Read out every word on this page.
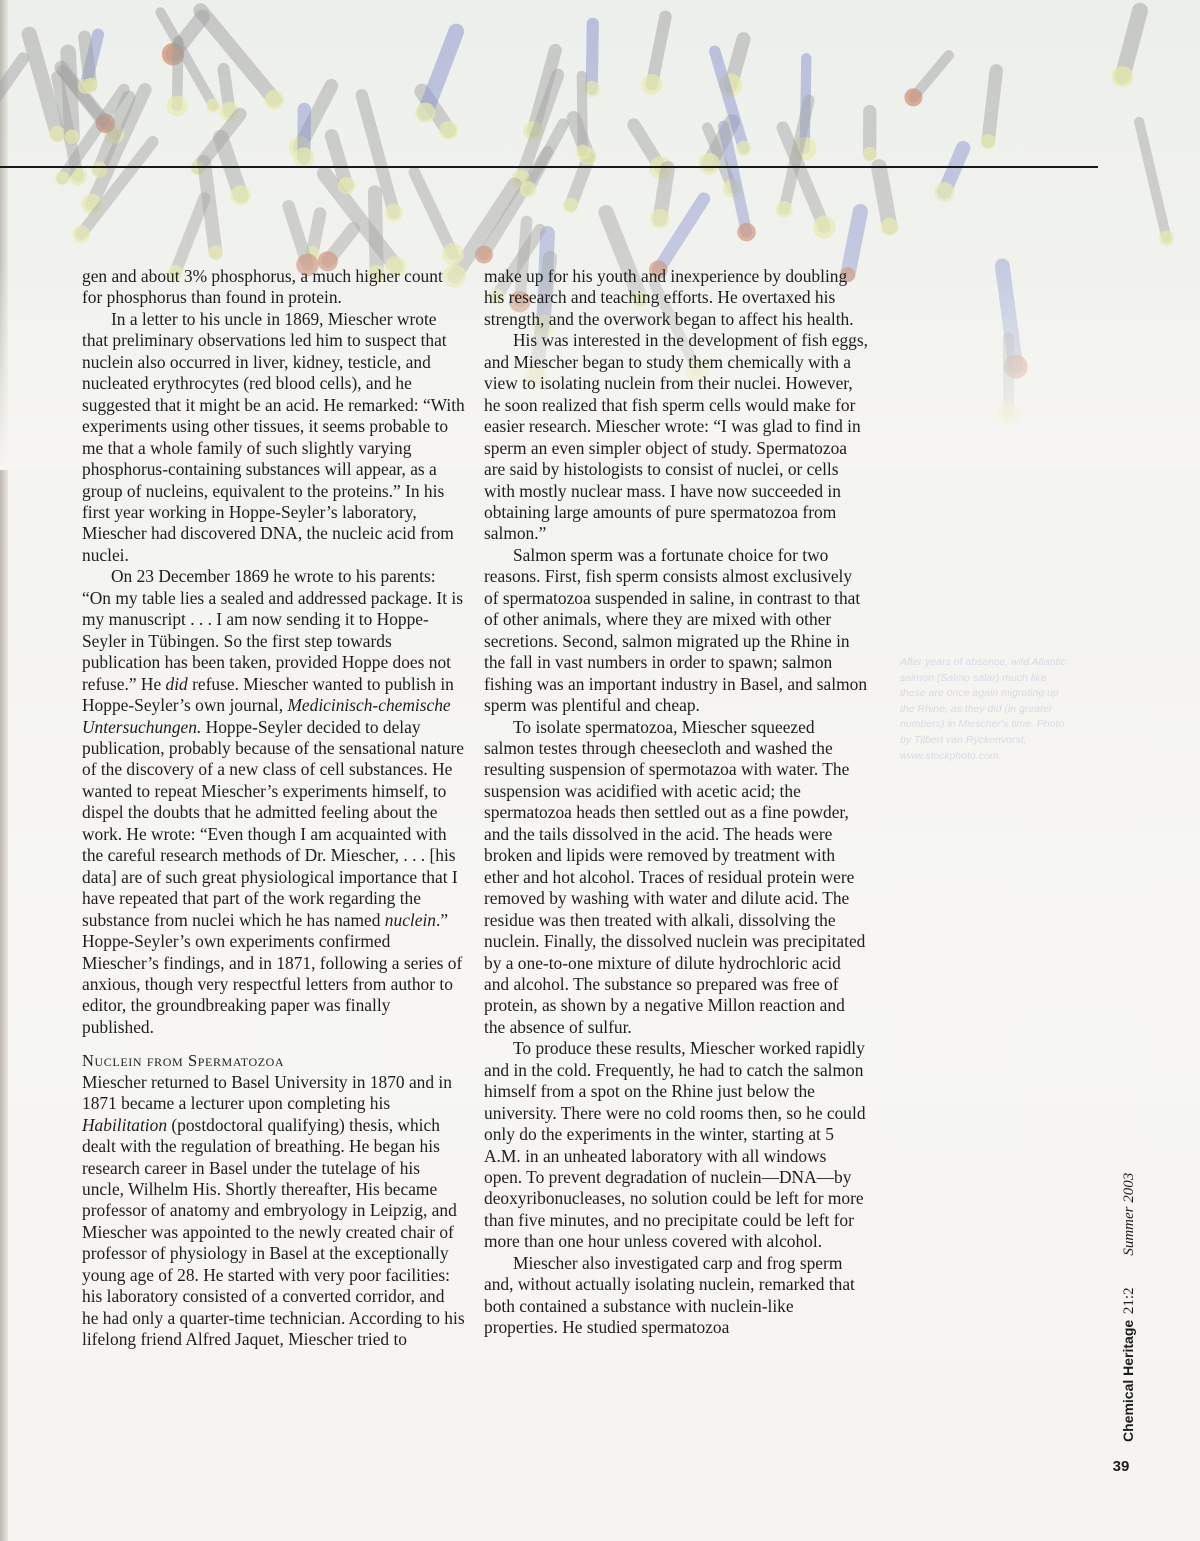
After years of absence, wild Atlantic salmon (Salmo salar) much like these are once again migrating up the Rhine, as they did (in greater numbers) in Miescher's time. Photo by Tilbert van Ryckenvorst, www.stockphoto.com.

gen and about 3% phosphorus, a much higher count for phosphorus than found in protein.

In a letter to his uncle in 1869, Miescher wrote that preliminary observations led him to suspect that nuclein also occurred in liver, kidney, testicle, and nucleated erythrocytes (red blood cells), and he suggested that it might be an acid. He remarked: “With experiments using other tissues, it seems probable to me that a whole family of such slightly varying phosphorus-containing substances will appear, as a group of nucleins, equivalent to the proteins.” In his first year working in Hoppe-Seyler’s laboratory, Miescher had discovered DNA, the nucleic acid from nuclei.

On 23 December 1869 he wrote to his parents: “On my table lies a sealed and addressed package. It is my manuscript . . . I am now sending it to Hoppe-Seyler in Tübingen. So the first step towards publication has been taken, provided Hoppe does not refuse.” He did refuse. Miescher wanted to publish in Hoppe-Seyler’s own journal, Medicinisch-chemische Untersuchungen. Hoppe-Seyler decided to delay publication, probably because of the sensational nature of the discovery of a new class of cell substances. He wanted to repeat Miescher’s experiments himself, to dispel the doubts that he admitted feeling about the work. He wrote: “Even though I am acquainted with the careful research methods of Dr. Miescher, . . . [his data] are of such great physiological importance that I have repeated that part of the work regarding the substance from nuclei which he has named nuclein.” Hoppe-Seyler’s own experiments confirmed Miescher’s findings, and in 1871, following a series of anxious, though very respectful letters from author to editor, the groundbreaking paper was finally published.

Nuclein from Spermatozoa

Miescher returned to Basel University in 1870 and in 1871 became a lecturer upon completing his Habilitation (postdoctoral qualifying) thesis, which dealt with the regulation of breathing. He began his research career in Basel under the tutelage of his uncle, Wilhelm His. Shortly thereafter, His became professor of anatomy and embryology in Leipzig, and Miescher was appointed to the newly created chair of professor of physiology in Basel at the exceptionally young age of 28. He started with very poor facilities: his laboratory consisted of a converted corridor, and he had only a quarter-time technician. According to his lifelong friend Alfred Jaquet, Miescher tried to

make up for his youth and inexperience by doubling his research and teaching efforts. He overtaxed his strength, and the overwork began to affect his health.

His was interested in the development of fish eggs, and Miescher began to study them chemically with a view to isolating nuclein from their nuclei. However, he soon realized that fish sperm cells would make for easier research. Miescher wrote: “I was glad to find in sperm an even simpler object of study. Spermatozoa are said by histologists to consist of nuclei, or cells with mostly nuclear mass. I have now succeeded in obtaining large amounts of pure spermatozoa from salmon.”

Salmon sperm was a fortunate choice for two reasons. First, fish sperm consists almost exclusively of spermatozoa suspended in saline, in contrast to that of other animals, where they are mixed with other secretions. Second, salmon migrated up the Rhine in the fall in vast numbers in order to spawn; salmon fishing was an important industry in Basel, and salmon sperm was plentiful and cheap.

To isolate spermatozoa, Miescher squeezed salmon testes through cheesecloth and washed the resulting suspension of spermotazoa with water. The suspension was acidified with acetic acid; the spermatozoa heads then settled out as a fine powder, and the tails dissolved in the acid. The heads were broken and lipids were removed by treatment with ether and hot alcohol. Traces of residual protein were removed by washing with water and dilute acid. The residue was then treated with alkali, dissolving the nuclein. Finally, the dissolved nuclein was precipitated by a one-to-one mixture of dilute hydrochloric acid and alcohol. The substance so prepared was free of protein, as shown by a negative Millon reaction and the absence of sulfur.

To produce these results, Miescher worked rapidly and in the cold. Frequently, he had to catch the salmon himself from a spot on the Rhine just below the university. There were no cold rooms then, so he could only do the experiments in the winter, starting at 5 A.M. in an unheated laboratory with all windows open. To prevent degradation of nuclein—DNA—by deoxyribonucleases, no solution could be left for more than five minutes, and no precipitate could be left for more than one hour unless covered with alcohol.

Miescher also investigated carp and frog sperm and, without actually isolating nuclein, remarked that both contained a substance with nuclein-like properties. He studied spermatozoa	Chemical Heritage 21:2 Summer 2003
39
